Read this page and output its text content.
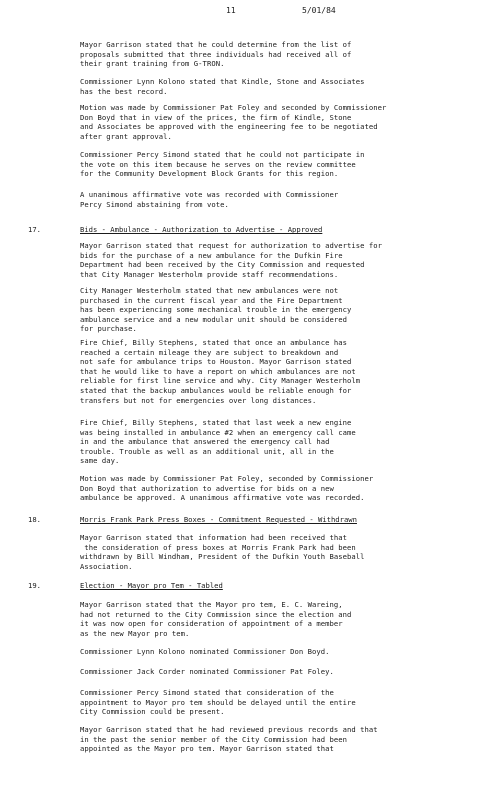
11	5/01/84

Mayor Garrison stated that he could determine from the list of
proposals submitted that three individuals had received all of
their grant training from G-TRON.

Commissioner Lynn Kolono stated that Kindle, Stone and Associates
has the best record.

Motion was made by Commissioner Pat Foley and seconded by Commissioner
Don Boyd that in view of the prices, the firm of Kindle, Stone
and Associates be approved with the engineering fee to be negotiated
after grant approval.

Commissioner Percy Simond stated that he could not participate in
the vote on this item because he serves on the review committee
for the Community Development Block Grants for this region.

A unanimous affirmative vote was recorded with Commissioner
Percy Simond abstaining from vote.

17.

	Bids - Ambulance - Authorization to Advertise - Approved

Mayor Garrison stated that request for authorization to advertise for
bids for the purchase of a new ambulance for the Dufkin Fire
Department had been received by the City Commission and requested
that City Manager Westerholm provide staff recommendations.

City Manager Westerholm stated that new ambulances were not
purchased in the current fiscal year and the Fire Department
has been experiencing some mechanical trouble in the emergency
ambulance service and a new modular unit should be considered
for purchase.

Fire Chief, Billy Stephens, stated that once an ambulance has
reached a certain mileage they are subject to breakdown and
not safe for ambulance trips to Houston. Mayor Garrison stated
that he would like to have a report on which ambulances are not
reliable for first line service and why. City Manager Westerholm
stated that the backup ambulances would be reliable enough for
transfers but not for emergencies over long distances.

Fire Chief, Billy Stephens, stated that last week a new engine
was being installed in ambulance #2 when an emergency call came
in and the ambulance that answered the emergency call had
trouble. Trouble as well as an additional unit, all in the
same day.

Motion was made by Commissioner Pat Foley, seconded by Commissioner
Don Boyd that authorization to advertise for bids on a new
ambulance be approved. A unanimous affirmative vote was recorded.

18.

	Morris Frank Park Press Boxes - Commitment Requested - Withdrawn

Mayor Garrison stated that information had been received that
the consideration of press boxes at Morris Frank Park had been
withdrawn by Bill Windham, President of the Dufkin Youth Baseball
Association.

19.

	Election - Mayor pro Tem - Tabled

Mayor Garrison stated that the Mayor pro tem, E. C. Wareing,
had not returned to the City Commission since the election and
it was now open for consideration of appointment of a member
as the new Mayor pro tem.

Commissioner Lynn Kolono nominated Commissioner Don Boyd.

Commissioner Jack Corder nominated Commissioner Pat Foley.

Commissioner Percy Simond stated that consideration of the
appointment to Mayor pro tem should be delayed until the entire
City Commission could be present.

Mayor Garrison stated that he had reviewed previous records and that
in the past the senior member of the City Commission had been
appointed as the Mayor pro tem. Mayor Garrison stated that
